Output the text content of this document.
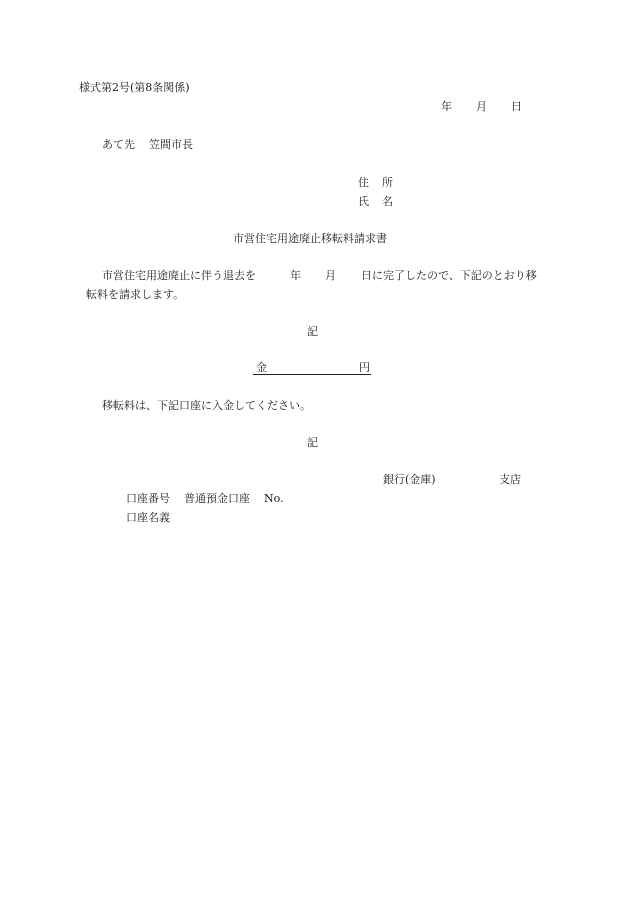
様式第2号(第8条関係)
年 月 日
あて先 笠間市長
住 所
氏 名
市営住宅用途廃止移転料請求書
市営住宅用途廃止に伴う退去を	年 月 日に完了したので、下記のとおり移
転料を請求します。
記
金	円
移転料は、下記口座に入金してください。
記
銀行(金庫)	支店
口座番号 普通預金口座 No.
口座名義
